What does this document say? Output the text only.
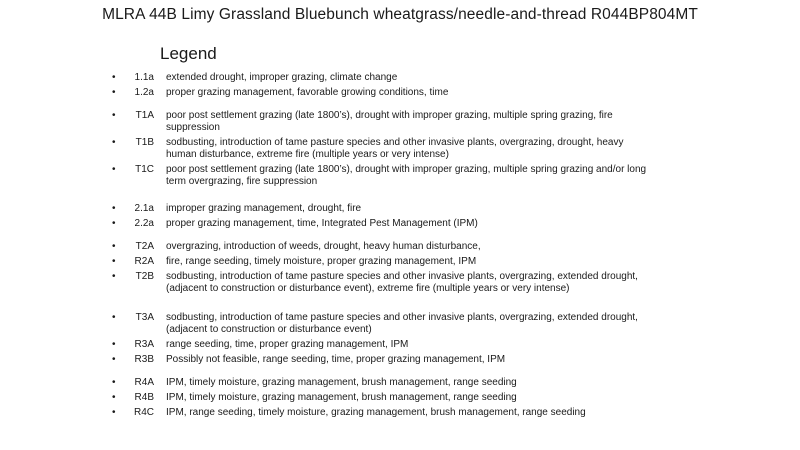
MLRA 44B Limy Grassland Bluebunch wheatgrass/needle-and-thread R044BP804MT
Legend
•	1.1a extended drought, improper grazing, climate change
•	1.2a proper grazing management, favorable growing conditions, time
•	T1A poor post settlement grazing (late 1800’s), drought with improper grazing, multiple spring grazing, fire suppression
•	T1B sodbusting, introduction of tame pasture species and other invasive plants, overgrazing, drought, heavy human disturbance, extreme fire (multiple years or very intense)
•	T1C poor post settlement grazing (late 1800’s), drought with improper grazing, multiple spring grazing and/or long term overgrazing, fire suppression
•	2.1a improper grazing management, drought, fire
•	2.2a proper grazing management, time, Integrated Pest Management (IPM)
•	T2A overgrazing, introduction of weeds, drought, heavy human disturbance,
•	R2A fire, range seeding, timely moisture, proper grazing management, IPM
•	T2B sodbusting, introduction of tame pasture species and other invasive plants, overgrazing, extended drought, (adjacent to construction or disturbance event), extreme fire (multiple years or very intense)
•	T3A sodbusting, introduction of tame pasture species and other invasive plants, overgrazing, extended drought, (adjacent to construction or disturbance event)
•	R3A range seeding, time, proper grazing management, IPM
•	R3B Possibly not feasible, range seeding, time, proper grazing management, IPM
•	R4A IPM, timely moisture, grazing management, brush management, range seeding
•	R4B IPM, timely moisture, grazing management, brush management, range seeding
•	R4C IPM, range seeding, timely moisture, grazing management, brush management, range seeding
